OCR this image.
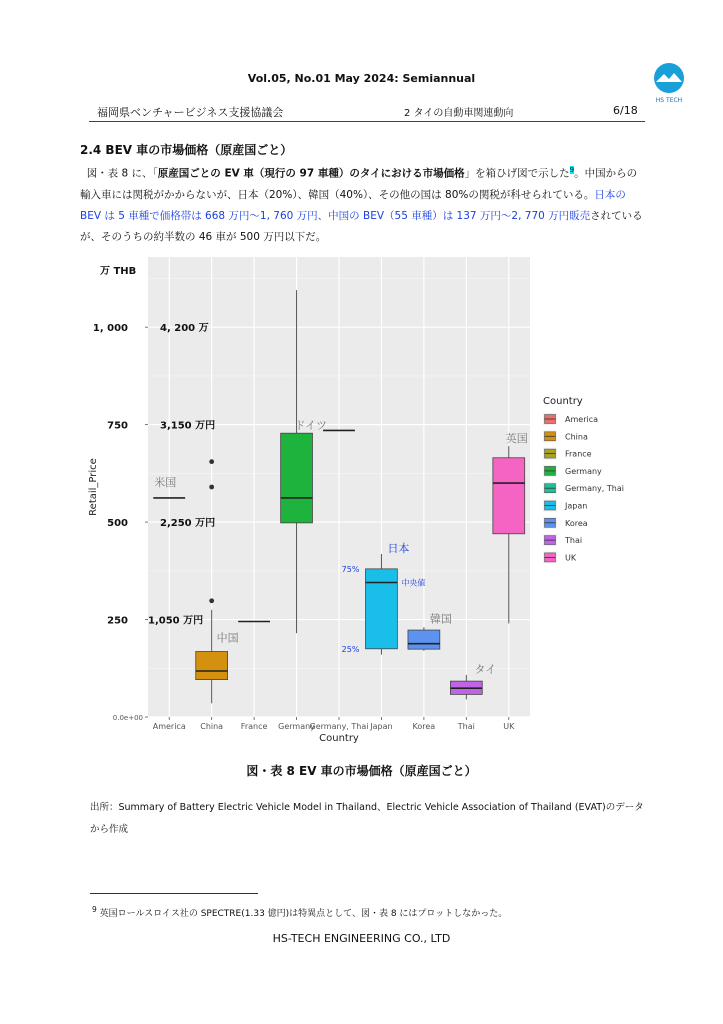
Vol.05, No.01 May 2024: Semiannual
HS TECH
福岡県ベンチャービジネス支援協議会	2 タイの自動車関連動向	6/18
2.4 BEV 車の市場価格（原産国ごと）
図・表 8 に、「原産国ごとの EV 車（現行の 97 車種）のタイにおける市場価格」を箱ひげ図で示した$^9$。中国からの輸入車には関税がかからないが、日本（20%）、韓国（40%）、その他の国は 80%の関税が科せられている。日本の BEV は 5 車種で価格帯は 668 万円～1, 760 万円、中国の BEV（55 車種）は 137 万円～2, 770 万円販売されているが、そのうちの約半数の 46 車が 500 万円以下だ。
0.0e+00
万 THB
1, 000	4, 200 万
750	3,150 万円
500	2,250 万円
250 1,050 万円
Retail_Price
Country
America China France Germany
Germany, Thai Japan Korea	Thai	UK
米国
中国
ドイツ
日本
韓国
タイ
英国
75%
中央値
25%
Country
America
China
France
Germany
Germany, Thai
Japan
Korea
Thai
UK
図・表 8 EV 車の市場価格（原産国ごと）
出所：Summary of Battery Electric Vehicle Model in Thailand、Electric Vehicle Association of Thailand (EVAT)のデータから作成
$^9$ 英国ロールスロイス社の SPECTRE(1.33 億円)は特異点として、図・表 8 にはプロットしなかった。
HS-TECH ENGINEERING CO., LTD
